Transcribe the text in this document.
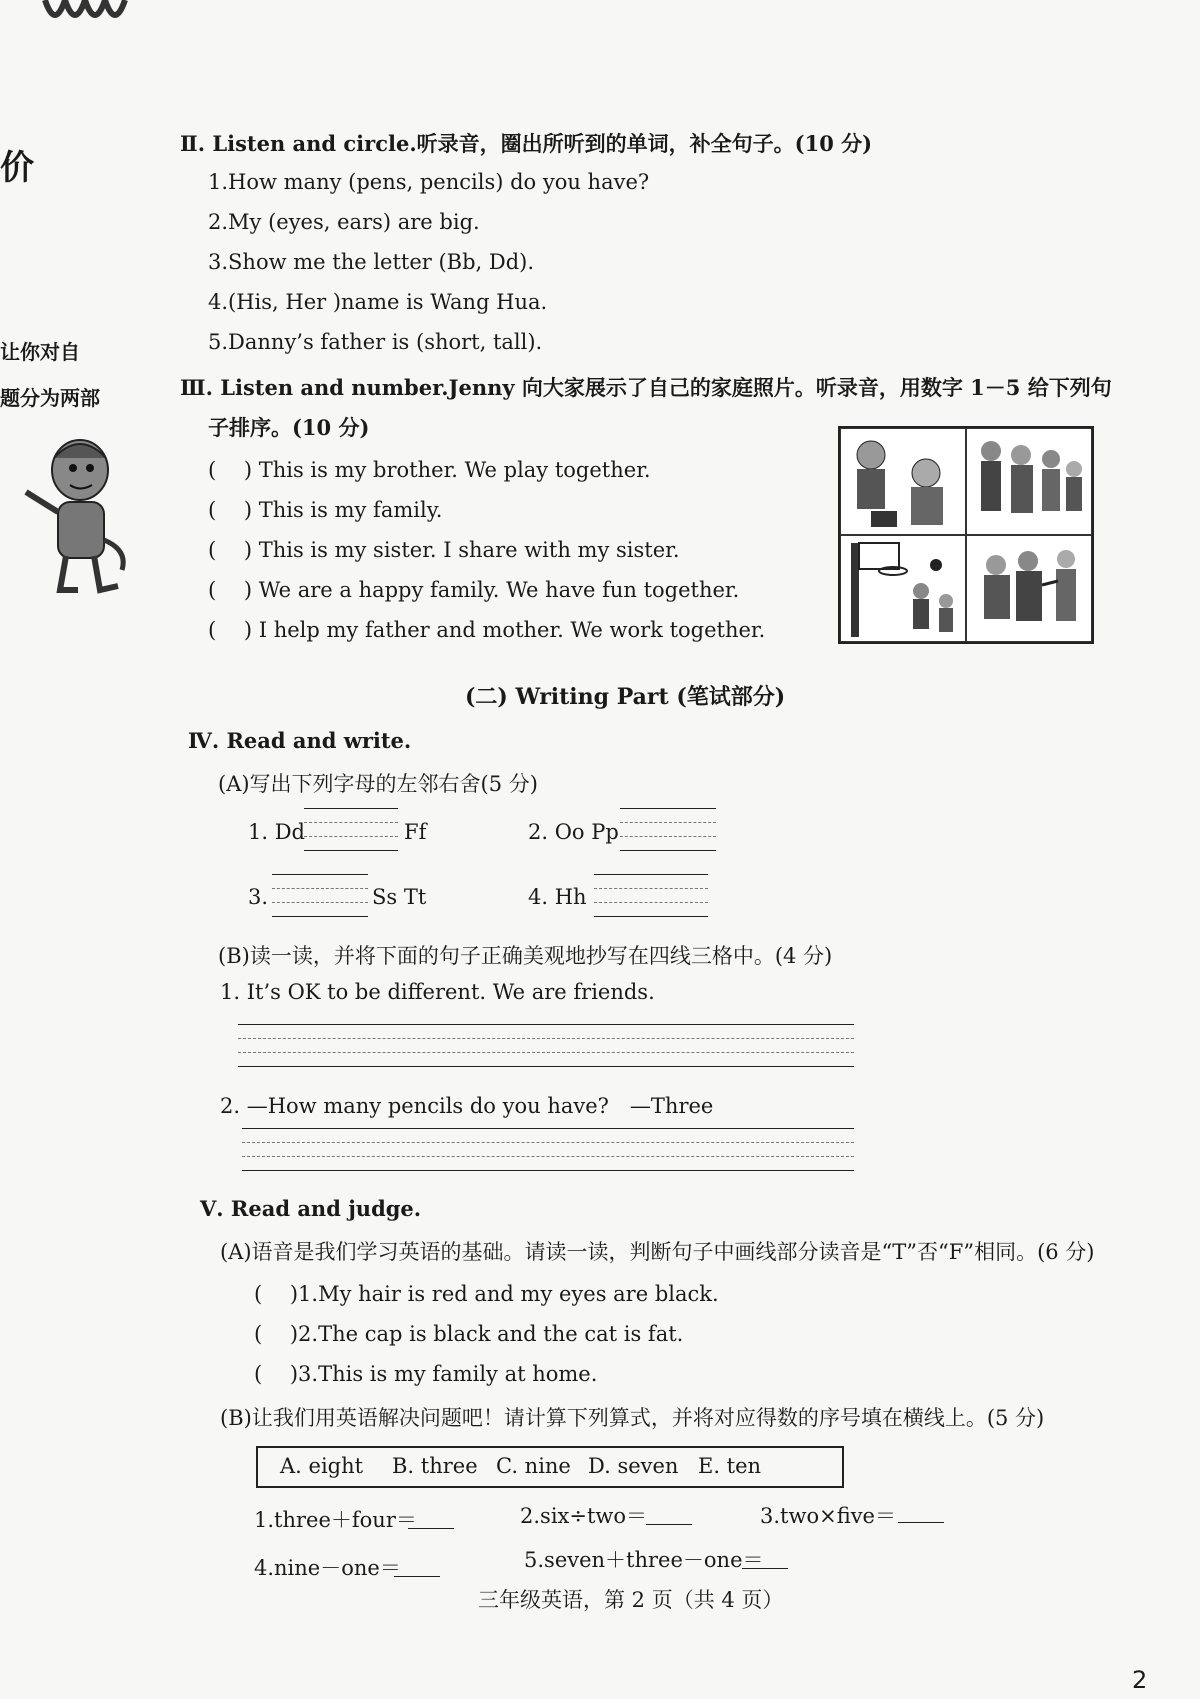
价
让你对自
题分为两部
Ⅱ. Listen and circle.听录音，圈出所听到的单词，补全句子。(10 分)
1.How many (pens, pencils) do you have?
2.My (eyes, ears) are big.
3.Show me the letter (Bb, Dd).
4.(His, Her )name is Wang Hua.
5.Danny’s father is (short, tall).
Ⅲ. Listen and number.Jenny 向大家展示了自己的家庭照片。听录音，用数字 1－5 给下列句
子排序。(10 分)
(　 ) This is my brother. We play together.
(　 ) This is my family.
(　 ) This is my sister. I share with my sister.
(　 ) We are a happy family. We have fun together.
(　 ) I help my father and mother. We work together.
(二) Writing Part (笔试部分)
Ⅳ. Read and write.
(A)写出下列字母的左邻右舍(5 分)
1. Dd	Ff	2. Oo Pp
3.	Ss Tt	4. Hh
(B)读一读，并将下面的句子正确美观地抄写在四线三格中。(4 分)
1. It’s OK to be different. We are friends.
2. —How many pencils do you have?　—Three
Ⅴ. Read and judge.
(A)语音是我们学习英语的基础。请读一读，判断句子中画线部分读音是“T”否“F”相同。(6 分)
(　 )1.My hair is red and my eyes are black.
(　 )2.The cap is black and the cat is fat.
(　 )3.This is my family at home.
(B)让我们用英语解决问题吧！请计算下列算式，并将对应得数的序号填在横线上。(5 分)
A. eight B. three C. nine D. seven E. ten
1.three＋four＝	2.six÷two＝	3.two×five＝
4.nine－one＝	5.seven＋three－one＝
三年级英语，第 2 页（共 4 页）
2
